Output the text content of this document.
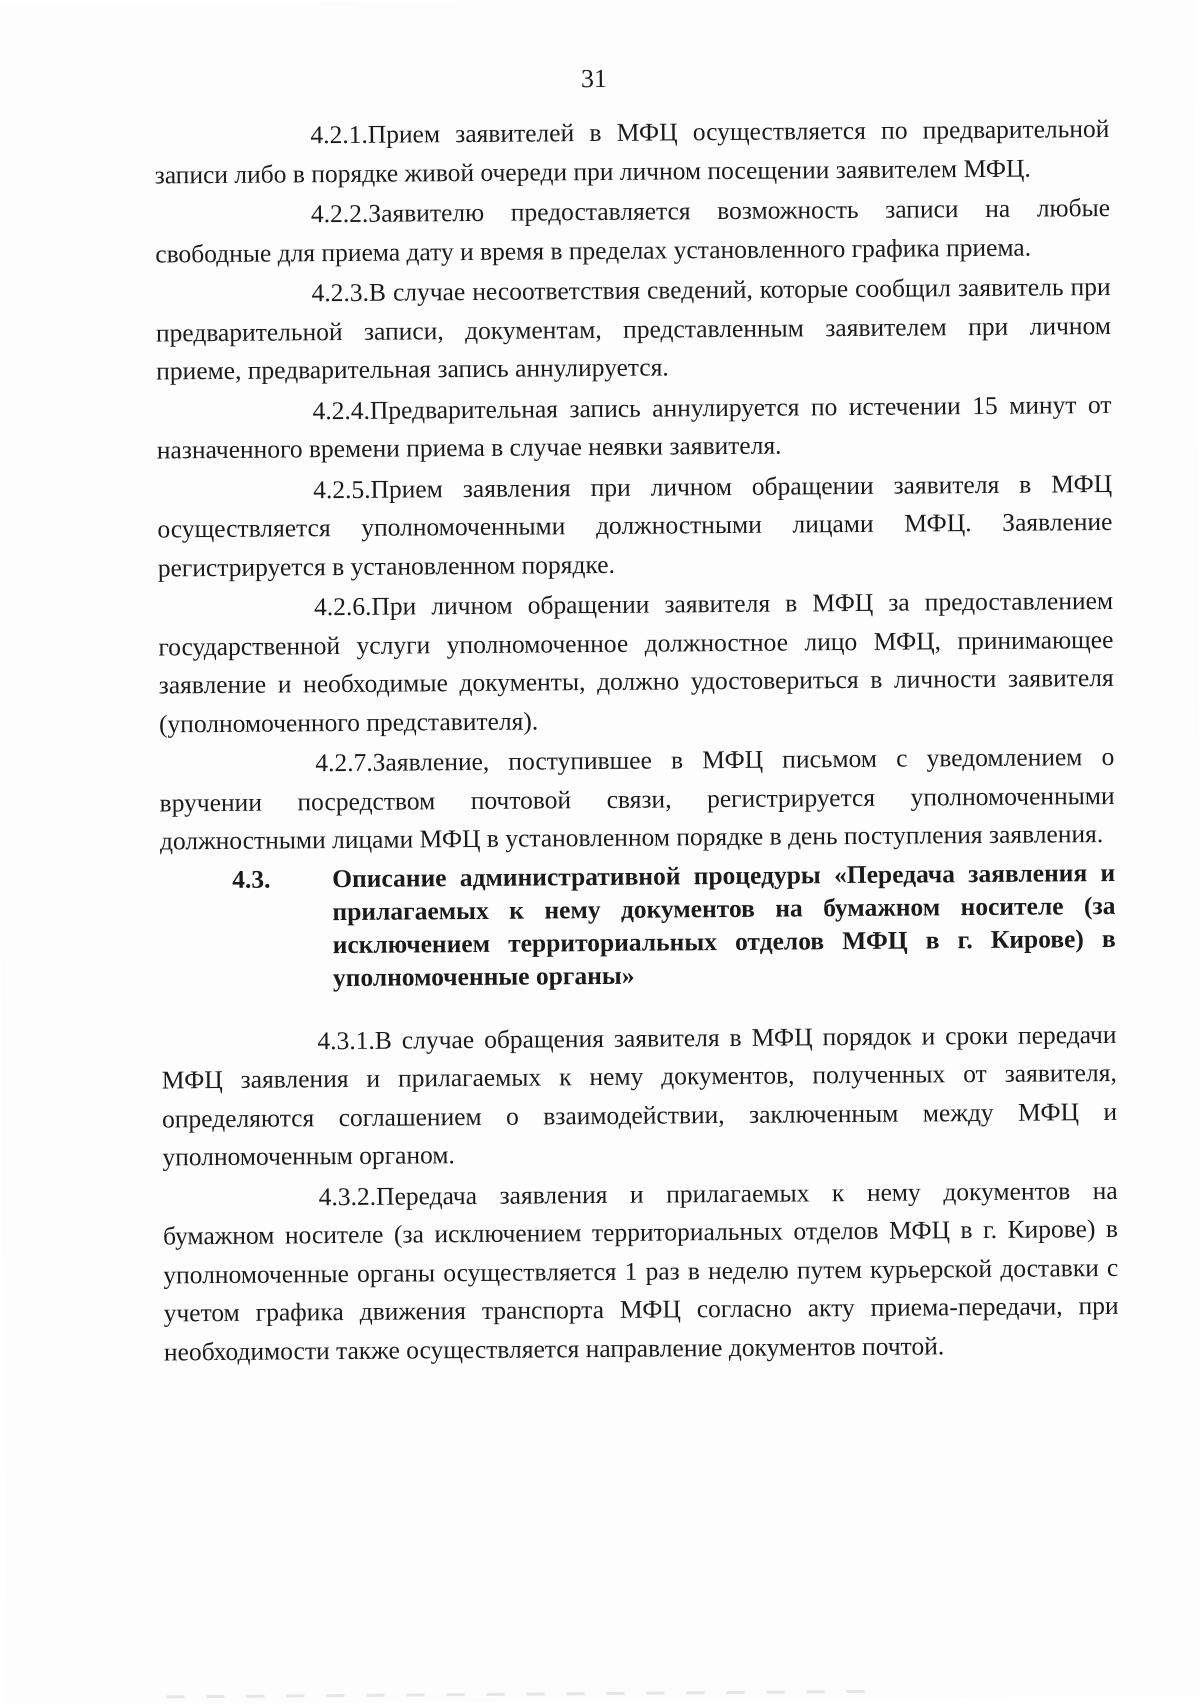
31

4.2.1.Прием заявителей в МФЦ осуществляется по предварительной записи либо в порядке живой очереди при личном посещении заявителем МФЦ.

4.2.2.Заявителю предоставляется возможность записи на любые свободные для приема дату и время в пределах установленного графика приема.

4.2.3.В случае несоответствия сведений, которые сообщил заявитель при предварительной записи, документам, представленным заявителем при личном приеме, предварительная запись аннулируется.

4.2.4.Предварительная запись аннулируется по истечении 15 минут от назначенного времени приема в случае неявки заявителя.

4.2.5.Прием заявления при личном обращении заявителя в МФЦ осуществляется уполномоченными должностными лицами МФЦ. Заявление регистрируется в установленном порядке.

4.2.6.При личном обращении заявителя в МФЦ за предоставлением государственной услуги уполномоченное должностное лицо МФЦ, принимающее заявление и необходимые документы, должно удостовериться в личности заявителя (уполномоченного представителя).

4.2.7.Заявление, поступившее в МФЦ письмом с уведомлением о вручении посредством почтовой связи, регистрируется уполномоченными должностными лицами МФЦ в установленном порядке в день поступления заявления.

4.3. Описание административной процедуры «Передача заявления и прилагаемых к нему документов на бумажном носителе (за исключением территориальных отделов МФЦ в г. Кирове) в уполномоченные органы»

4.3.1.В случае обращения заявителя в МФЦ порядок и сроки передачи МФЦ заявления и прилагаемых к нему документов, полученных от заявителя, определяются соглашением о взаимодействии, заключенным между МФЦ и уполномоченным органом.

4.3.2.Передача заявления и прилагаемых к нему документов на бумажном носителе (за исключением территориальных отделов МФЦ в г. Кирове) в уполномоченные органы осуществляется 1 раз в неделю путем курьерской доставки с учетом графика движения транспорта МФЦ согласно акту приема-передачи, при необходимости также осуществляется направление документов почтой.
